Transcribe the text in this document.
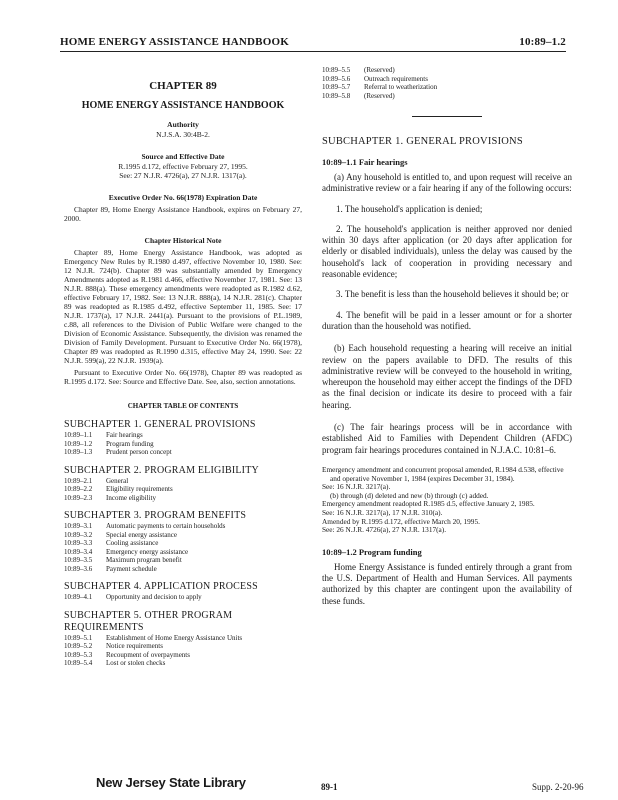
HOME ENERGY ASSISTANCE HANDBOOK	10:89–1.2
CHAPTER 89
HOME ENERGY ASSISTANCE HANDBOOK
Authority
N.J.S.A. 30:4B-2.
Source and Effective Date
R.1995 d.172, effective February 27, 1995.
See: 27 N.J.R. 4726(a), 27 N.J.R. 1317(a).
Executive Order No. 66(1978) Expiration Date
Chapter 89, Home Energy Assistance Handbook, expires on February 27, 2000.
Chapter Historical Note
Chapter 89, Home Energy Assistance Handbook, was adopted as Emergency New Rules by R.1980 d.497, effective November 10, 1980. See: 12 N.J.R. 724(b). Chapter 89 was substantially amended by Emergency Amendments adopted as R.1981 d.466, effective November 17, 1981. See: 13 N.J.R. 888(a). These emergency amendments were readopted as R.1982 d.62, effective February 17, 1982. See: 13 N.J.R. 888(a), 14 N.J.R. 281(c). Chapter 89 was readopted as R.1985 d.492, effective September 11, 1985. See: 17 N.J.R. 1737(a), 17 N.J.R. 2441(a). Pursuant to the provisions of P.L.1989, c.88, all references to the Division of Public Welfare were changed to the Division of Economic Assistance. Subsequently, the division was renamed the Division of Family Development. Pursuant to Executive Order No. 66(1978), Chapter 89 was readopted as R.1990 d.315, effective May 24, 1990. See: 22 N.J.R. 599(a), 22 N.J.R. 1939(a).
Pursuant to Executive Order No. 66(1978), Chapter 89 was readopted as R.1995 d.172. See: Source and Effective Date. See, also, section annotations.
CHAPTER TABLE OF CONTENTS
SUBCHAPTER 1. GENERAL PROVISIONS
10:89–1.1	Fair hearings
10:89–1.2	Program funding
10:89–1.3	Prudent person concept
SUBCHAPTER 2. PROGRAM ELIGIBILITY
10:89–2.1	General
10:89–2.2	Eligibility requirements
10:89–2.3	Income eligibility
SUBCHAPTER 3. PROGRAM BENEFITS
10:89–3.1	Automatic payments to certain households
10:89–3.2	Special energy assistance
10:89–3.3	Cooling assistance
10:89–3.4	Emergency energy assistance
10:89–3.5	Maximum program benefit
10:89–3.6	Payment schedule
SUBCHAPTER 4. APPLICATION PROCESS
10:89–4.1	Opportunity and decision to apply
SUBCHAPTER 5. OTHER PROGRAM REQUIREMENTS
10:89–5.1	Establishment of Home Energy Assistance Units
10:89–5.2	Notice requirements
10:89–5.3	Recoupment of overpayments
10:89–5.4	Lost or stolen checks
10:89–5.5	(Reserved)
10:89–5.6	Outreach requirements
10:89–5.7	Referral to weatherization
10:89–5.8	(Reserved)
SUBCHAPTER 1. GENERAL PROVISIONS
10:89–1.1 Fair hearings
(a) Any household is entitled to, and upon request will receive an administrative review or a fair hearing if any of the following occurs:
1. The household's application is denied;
2. The household's application is neither approved nor denied within 30 days after application (or 20 days after application for elderly or disabled individuals), unless the delay was caused by the household's lack of cooperation in providing necessary and reasonable evidence;
3. The benefit is less than the household believes it should be; or
4. The benefit will be paid in a lesser amount or for a shorter duration than the household was notified.
(b) Each household requesting a hearing will receive an initial review on the papers available to DFD. The results of this administrative review will be conveyed to the household in writing, whereupon the household may either accept the findings of the DFD as the final decision or indicate its desire to proceed with a fair hearing.
(c) The fair hearings process will be in accordance with established Aid to Families with Dependent Children (AFDC) program fair hearings procedures contained in N.J.A.C. 10:81–6.
Emergency amendment and concurrent proposal amended, R.1984 d.538, effective and operative November 1, 1984 (expires December 31, 1984).
See: 16 N.J.R. 3217(a).
(b) through (d) deleted and new (b) through (c) added.
Emergency amendment readopted R.1985 d.5, effective January 2, 1985.
See: 16 N.J.R. 3217(a), 17 N.J.R. 310(a).
Amended by R.1995 d.172, effective March 20, 1995.
See: 26 N.J.R. 4726(a), 27 N.J.R. 1317(a).
10:89–1.2 Program funding
Home Energy Assistance is funded entirely through a grant from the U.S. Department of Health and Human Services. All payments authorized by this chapter are contingent upon the availability of these funds.
New Jersey State Library	89-1	Supp. 2-20-96
